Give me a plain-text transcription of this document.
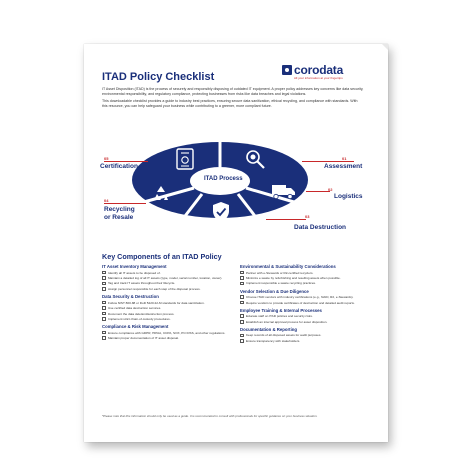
corodata
All your information at your fingertips
ITAD Policy Checklist

IT Asset Disposition (ITAD) is the process of securely and responsibly disposing of outdated IT equipment. A proper policy addresses key concerns like data security, environmental responsibility, and regulatory compliance, protecting businesses from risks like data breaches and legal violations.

This downloadable checklist provides a guide to industry best practices, ensuring secure data sanitization, ethical recycling, and compliance with standards. With this resource, you can help safeguard your business while contributing to a greener, more compliant future.

ITAD Process
05
Certification
01
Assessment
02
Logistics
03
Data Destruction
04
Recycling
or Resale
Key Components of an ITAD Policy
IT Asset Inventory Management
Identify all IT assets to be disposed of.
Maintain a detailed log of all IT assets (type, model, serial number, location, owner).
Tag and track IT assets throughout their lifecycle.
Assign personnel responsible for each step of the disposal process.
Data Security & Destruction
Follow NIST 800-88 or DoD 5220.22-M standards for data sanitization.
Use certified data destruction services.
Document the data deletion/destruction process.
Implement strict chain-of-custody procedures.
Compliance & Risk Management
Ensure compliance with GDPR, HIPAA, CCPA, SOX, PCI DSS, and other regulations.
Maintain proper documentation of IT asset disposal.
Environmental & Sustainability Considerations
Partner with e-Stewards or R2-certified recyclers.
Minimize e-waste by refurbishing and reselling assets when possible.
Implement responsible e-waste recycling practices.
Vendor Selection & Due Diligence
Choose ITAD vendors with industry certifications (e.g., NAID, R2, e-Stewards).
Require vendors to provide certificates of destruction and detailed audit reports.
Employee Training & Internal Processes
Educate staff on ITAD policies and security risks.
Establish an internal approval process for asset disposition.
Documentation & Reporting
Keep records of all disposed assets for audit purposes.
Ensure transparency with stakeholders.
*Please note that this information should only be used as a guide. It is recommended to consult with professionals for specific guidance on your business situation.
